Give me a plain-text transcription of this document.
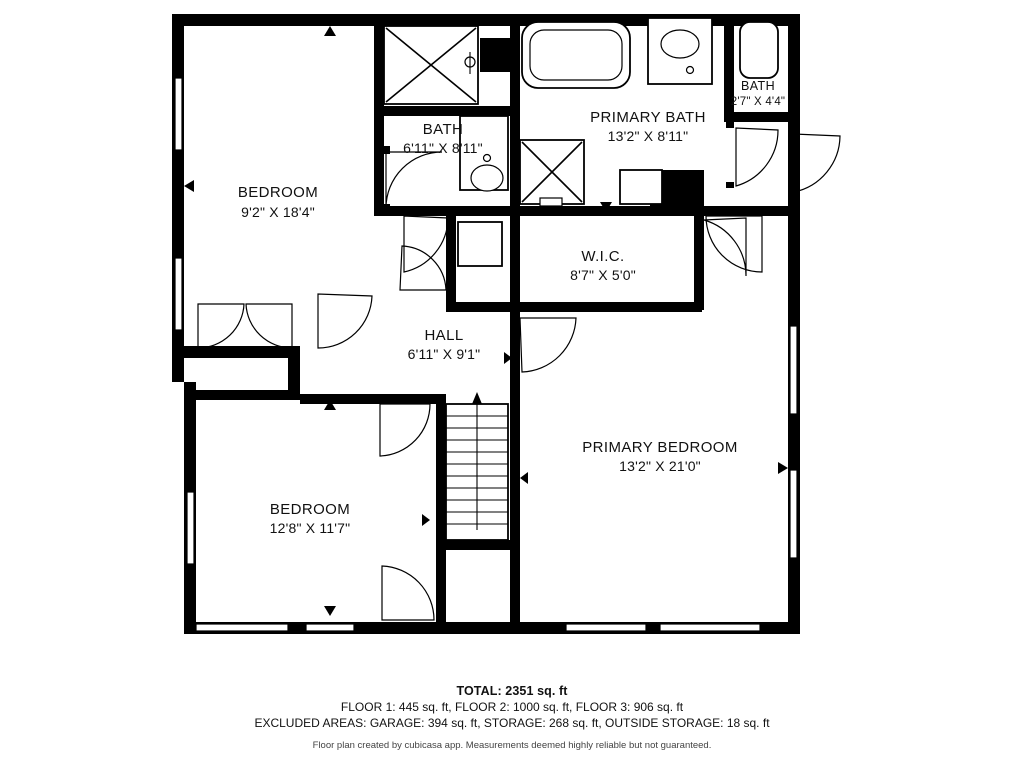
BEDROOM
9'2" X 18'4"
BATH
6'11" X 8'11"
PRIMARY BATH
13'2" X 8'11"
BATH
2'7" X 4'4"
W.I.C.
8'7" X 5'0"
HALL
6'11" X 9'1"
PRIMARY BEDROOM
13'2" X 21'0"
BEDROOM
12'8" X 11'7"

TOTAL: 2351 sq. ft

FLOOR 1: 445 sq. ft, FLOOR 2: 1000 sq. ft, FLOOR 3: 906 sq. ft

EXCLUDED AREAS: GARAGE: 394 sq. ft, STORAGE: 268 sq. ft, OUTSIDE STORAGE: 18 sq. ft

Floor plan created by cubicasa app. Measurements deemed highly reliable but not guaranteed.
